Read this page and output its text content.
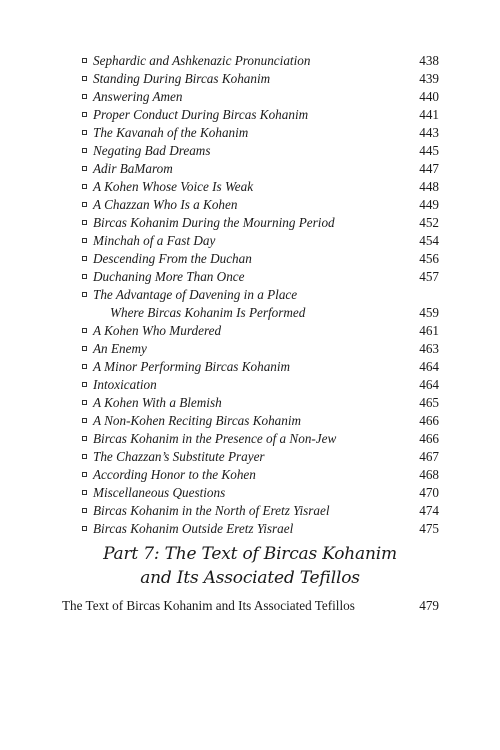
Sephardic and Ashkenazic Pronunciation	438
Standing During Bircas Kohanim	439
Answering Amen	440
Proper Conduct During Bircas Kohanim	441
The Kavanah of the Kohanim	443
Negating Bad Dreams	445
Adir BaMarom	447
A Kohen Whose Voice Is Weak	448
A Chazzan Who Is a Kohen	449
Bircas Kohanim During the Mourning Period	452
Minchah of a Fast Day	454
Descending From the Duchan	456
Duchaning More Than Once	457
The Advantage of Davening in a Place
Where Bircas Kohanim Is Performed	459
A Kohen Who Murdered	461
An Enemy	463
A Minor Performing Bircas Kohanim	464
Intoxication	464
A Kohen With a Blemish	465
A Non-Kohen Reciting Bircas Kohanim	466
Bircas Kohanim in the Presence of a Non-Jew	466
The Chazzan’s Substitute Prayer	467
According Honor to the Kohen	468
Miscellaneous Questions	470
Bircas Kohanim in the North of Eretz Yisrael	474
Bircas Kohanim Outside Eretz Yisrael	475
Part 7: The Text of Bircas Kohanim
and Its Associated Tefillos
The Text of Bircas Kohanim and Its Associated Tefillos	479
